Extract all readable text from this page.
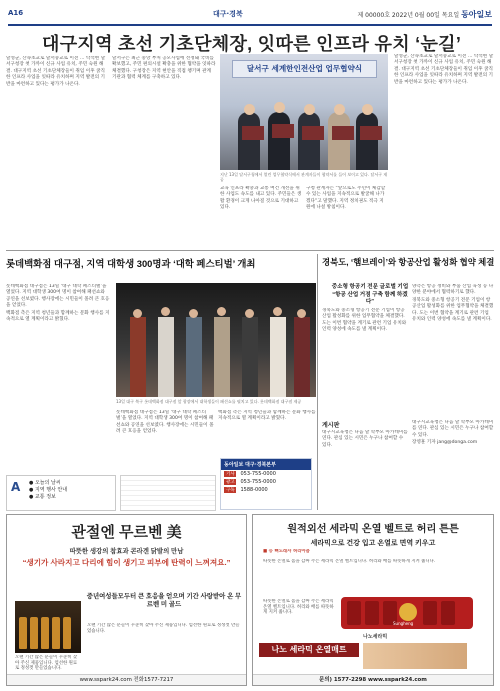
A16	대구·경북	제 00000호 2022년 0월 00일 목요일 동아일보
대구지역 초선 기초단체장, 잇따른 인프라 유치 ‘눈길’

달성군, 산속초교로 달서중교로 이전 … 탁석현 달서구청장 첫 가까이 신규 사업 유치, 주민 숙원 해결. 대구지역 초선 기초단체장들이 취임 이후 굵직한 인프라 사업을 잇따라 유치하며 지역 발전의 기반을 마련하고 있다는 평가가 나온다.

달서구는 최근 중앙 부처 공모사업에 선정돼 국비를 확보했고, 주민 편의시설 확충을 위한 협약을 잇따라 체결했다. 구청장은 지역 현안을 직접 챙기며 관계 기관과 협력 체계를 구축하고 있다.

달서구 세계한인전산업 업무협약식
지난 13일 달서구청에서 열린 업무협약식에서 관계자들이 협약서를 들어 보이고 있다. 달서구 제공

교육 인프라 확충과 교통 여건 개선을 위한 사업도 속도를 내고 있다. 주민들은 생활 환경이 크게 나아질 것으로 기대하고 있다.

구청 관계자는 “앞으로도 주민이 체감할 수 있는 사업을 지속적으로 발굴해 나가겠다”고 말했다. 지역 정치권도 적극 지원에 나설 방침이다.

달성군, 산속초교로 달서중교로 이전 … 탁석현 달서구청장 첫 가까이 신규 사업 유치, 주민 숙원 해결. 대구지역 초선 기초단체장들이 취임 이후 굵직한 인프라 사업을 잇따라 유치하며 지역 발전의 기반을 마련하고 있다는 평가가 나온다.

롯데백화점 대구점, 지역 대학생 300명과 ‘대학 페스티벌’ 개최

롯데백화점 대구점은 13일 ‘대구 대학 페스티벌’을 열었다. 지역 대학생 300여 명이 참여해 패션쇼와 공연을 선보였다. 행사장에는 시민들이 몰려 큰 호응을 얻었다.

백화점 측은 지역 청년들과 함께하는 문화 행사를 지속적으로 열 계획이라고 밝혔다.

13일 대구 북구 롯데백화점 대구점 앞 광장에서 대학생들이 패션쇼를 펼치고 있다. 롯데백화점 대구점 제공

롯데백화점 대구점은 13일 ‘대구 대학 페스티벌’을 열었다. 지역 대학생 300여 명이 참여해 패션쇼와 공연을 선보였다. 행사장에는 시민들이 몰려 큰 호응을 얻었다.

백화점 측은 지역 청년들과 함께하는 문화 행사를 지속적으로 열 계획이라고 밝혔다.

경북도, ‘햄브레이’와 항공산업 활성화 협약 체결
중소형 항공기 전문 글로벌 기업 “항공 산업 거점 구축 함께 하겠다”

경북도와 중소형 항공기 전문 기업이 항공산업 활성화를 위한 업무협약을 체결했다. 도는 이번 협약을 계기로 관련 기업 유치와 인력 양성에 속도를 낼 계획이다.

양측은 항공 정비와 부품 산업 육성 등 다양한 분야에서 협력하기로 했다.

경북도와 중소형 항공기 전문 기업이 항공산업 활성화를 위한 업무협약을 체결했다. 도는 이번 협약을 계기로 관련 기업 유치와 인력 양성에 속도를 낼 계획이다.

게시판

대구시교육청은 다음 달 학부모 아카데미를 연다. 관심 있는 시민은 누구나 참여할 수 있다.

대구시교육청은 다음 달 학부모 아카데미를 연다. 관심 있는 시민은 누구나 참여할 수 있다.

장영훈 기자 jang@donga.com

A ● 오늘의 날씨
● 지역 행사 안내
● 교통 정보
동아일보 대구·경북본부
기사	053-755-0000
광고	053-755-0000
구독	1588-0000
관절엔 무르벤 美
따뜻한 생강의 참효과 콘라겐 닭발의 만남
“생기가 사라지고 다리에 힘이 생기고 피부에 탄력이 느껴져요.”
중년여성들모두터 큰 호응을 얻으며 기간 사랑받아 온 무르벤 미 골드
오랜 기간 많은 분들이 꾸준히 찾아 주신 제품입니다. 엄선한 원료로 정성껏 만들었습니다.
오랜 기간 많은 분들이 꾸준히 찾아 주신 제품입니다. 엄선한 원료로 정성껏 만들었습니다.
www.sspark24.com 전화1577-7217
원적외선 세라믹 온열 벨트로 허리 튼튼
세라믹으로 건강 입고 온열로 면역 키우고
■ 등 뼈노래자 허리아픔
따뜻한 온열로 몸을 감싸 주는 세라믹 온열 벨트입니다. 허리와 배를 따뜻하게 지켜 줍니다.
따뜻한 온열로 몸을 감싸 주는 세라믹 온열 벨트입니다. 허리와 배를 따뜻하게 지켜 줍니다.
Sungheng
나노 세라믹 온열매트
나노세라믹
문의) 1577-2298 www.sspark24.com
